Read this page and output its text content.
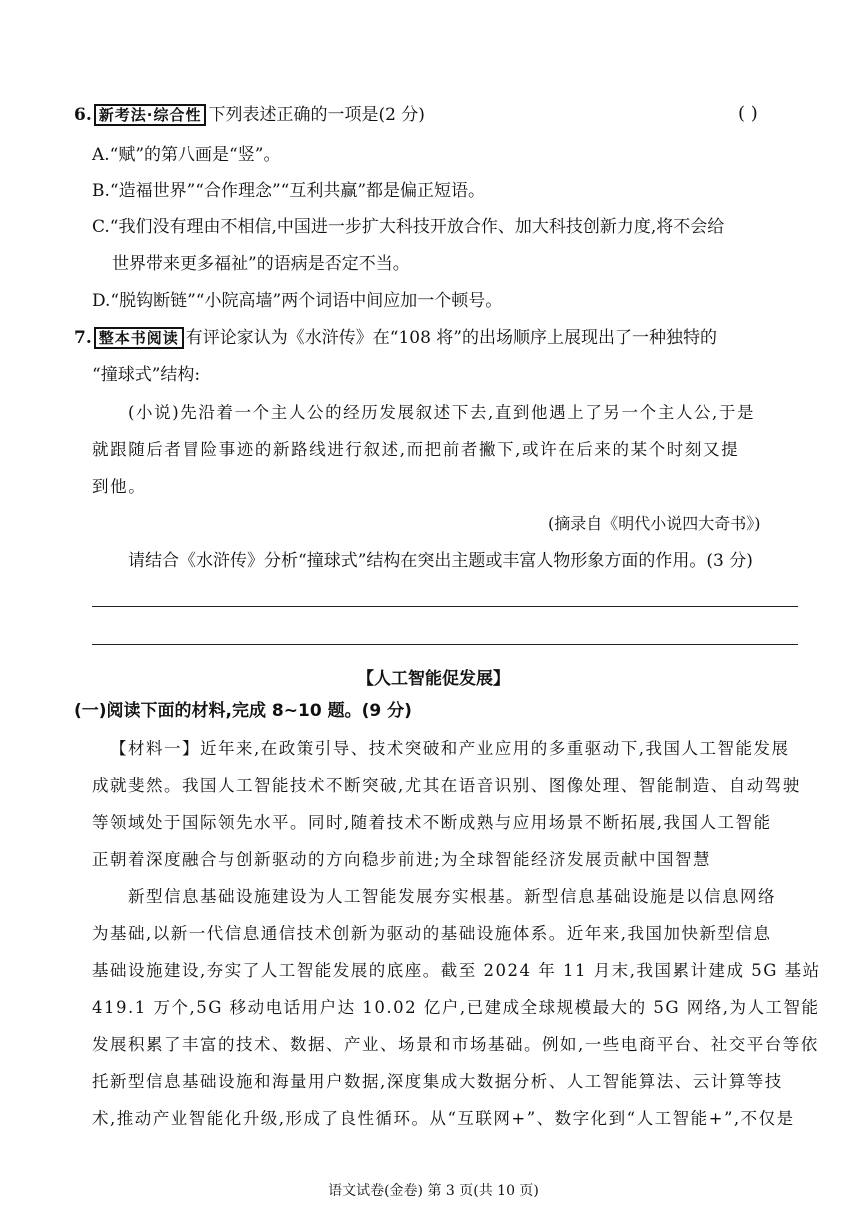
6. 新考法·综合性 下列表述正确的一项是(2 分)	( )
A.“赋”的第八画是“竖”。
B.“造福世界”“合作理念”“互利共赢”都是偏正短语。
C.“我们没有理由不相信,中国进一步扩大科技开放合作、加大科技创新力度,将不会给
世界带来更多福祉”的语病是否定不当。
D.“脱钩断链”“小院高墙”两个词语中间应加一个顿号。
7. 整本书阅读 有评论家认为《水浒传》在“108 将”的出场顺序上展现出了一种独特的
“撞球式”结构:
(小说)先沿着一个主人公的经历发展叙述下去,直到他遇上了另一个主人公,于是
就跟随后者冒险事迹的新路线进行叙述,而把前者撇下,或许在后来的某个时刻又提
到他。
(摘录自《明代小说四大奇书》)
请结合《水浒传》分析“撞球式”结构在突出主题或丰富人物形象方面的作用。(3 分)
【人工智能促发展】
(一)阅读下面的材料,完成 8~10 题。(9 分)
【材料一】近年来,在政策引导、技术突破和产业应用的多重驱动下,我国人工智能发展
成就斐然。我国人工智能技术不断突破,尤其在语音识别、图像处理、智能制造、自动驾驶
等领域处于国际领先水平。同时,随着技术不断成熟与应用场景不断拓展,我国人工智能
正朝着深度融合与创新驱动的方向稳步前进;为全球智能经济发展贡献中国智慧
新型信息基础设施建设为人工智能发展夯实根基。新型信息基础设施是以信息网络
为基础,以新一代信息通信技术创新为驱动的基础设施体系。近年来,我国加快新型信息
基础设施建设,夯实了人工智能发展的底座。截至 2024 年 11 月末,我国累计建成 5G 基站
419.1 万个,5G 移动电话用户达 10.02 亿户,已建成全球规模最大的 5G 网络,为人工智能
发展积累了丰富的技术、数据、产业、场景和市场基础。例如,一些电商平台、社交平台等依
托新型信息基础设施和海量用户数据,深度集成大数据分析、人工智能算法、云计算等技
术,推动产业智能化升级,形成了良性循环。从“互联网+”、数字化到“人工智能+”,不仅是
语文试卷(金卷) 第 3 页(共 10 页)
